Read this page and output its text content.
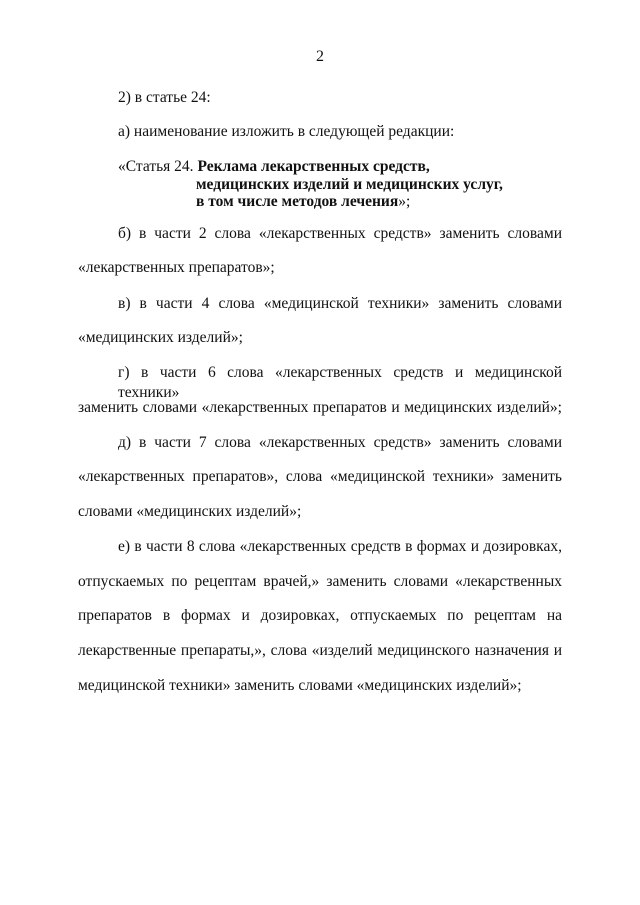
2
2) в статье 24:
а) наименование изложить в следующей редакции:
«Статья 24. Реклама лекарственных средств,
медицинских изделий и медицинских услуг,
в том числе методов лечения»;
б) в части 2 слова «лекарственных средств» заменить словами
«лекарственных препаратов»;
в) в части 4 слова «медицинской техники» заменить словами
«медицинских изделий»;
г) в части 6 слова «лекарственных средств и медицинской техники»
заменить словами «лекарственных препаратов и медицинских изделий»;
д) в части 7 слова «лекарственных средств» заменить словами
«лекарственных препаратов», слова «медицинской техники» заменить
словами «медицинских изделий»;
е) в части 8 слова «лекарственных средств в формах и дозировках,
отпускаемых по рецептам врачей,» заменить словами «лекарственных
препаратов в формах и дозировках, отпускаемых по рецептам на
лекарственные препараты,», слова «изделий медицинского назначения и
медицинской техники» заменить словами «медицинских изделий»;
